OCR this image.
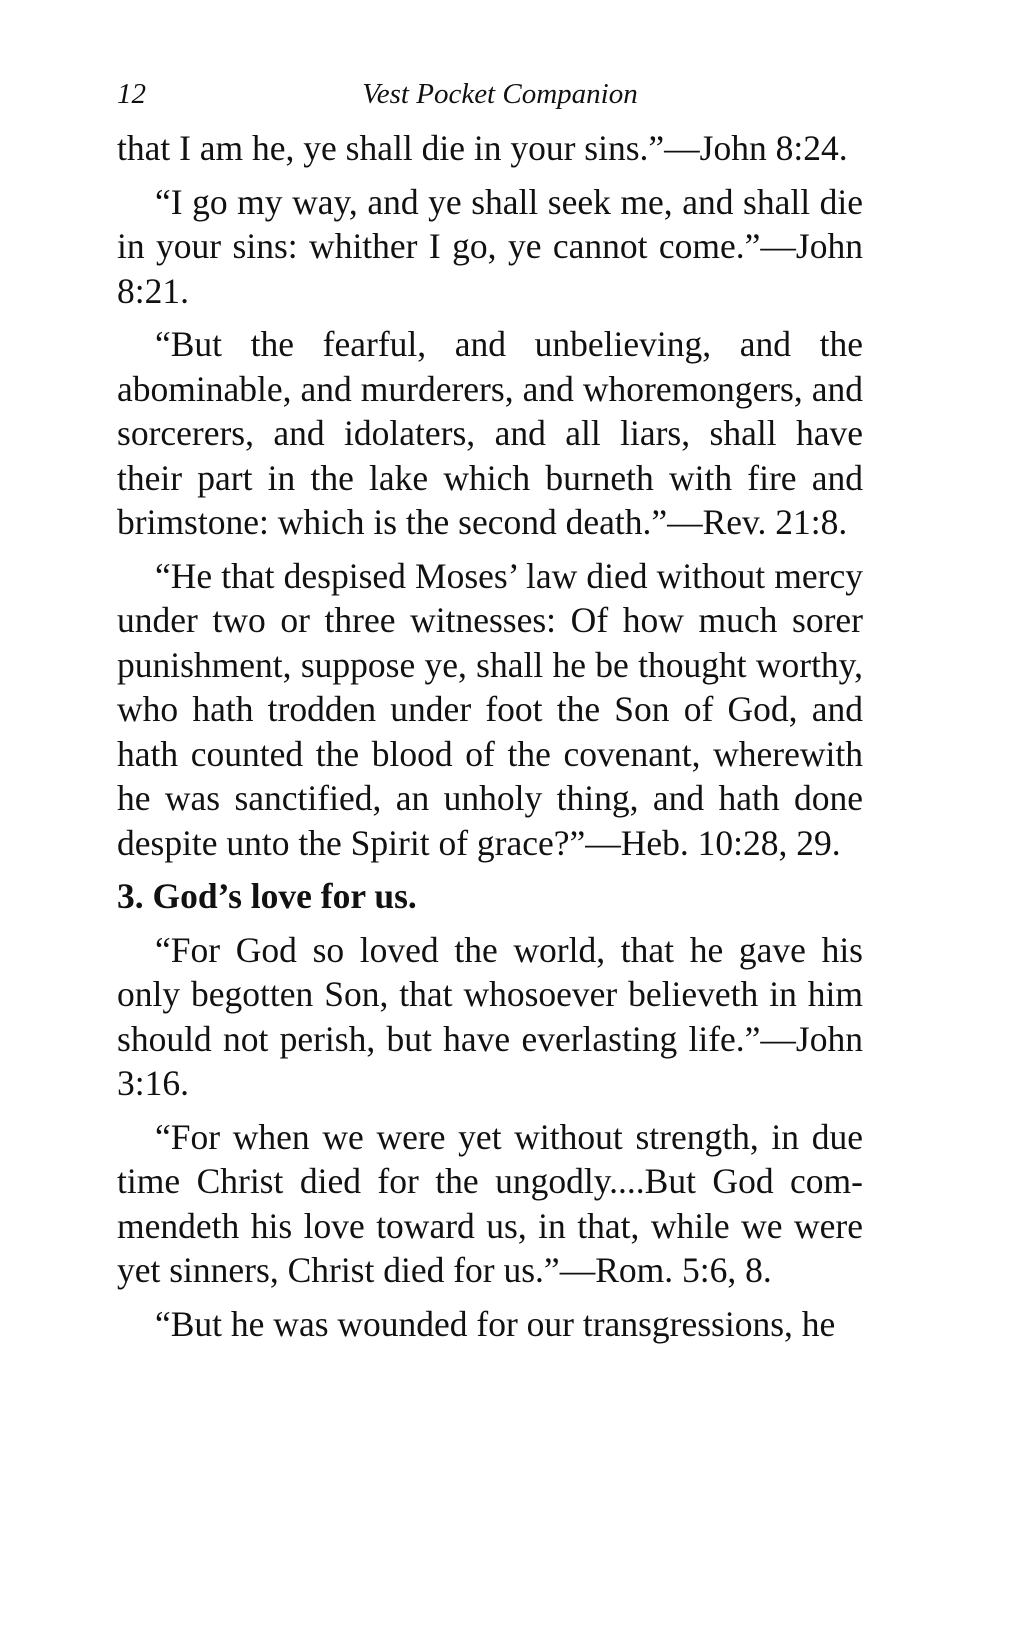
12	Vest Pocket Companion

that I am he, ye shall die in your sins.”—John 8:24.

“I go my way, and ye shall seek me, and shall die in your sins: whither I go, ye cannot come.”—John 8:21.

“But the fearful, and unbelieving, and the abominable, and murderers, and whoremongers, and sorcerers, and idolaters, and all liars, shall have their part in the lake which burneth with fire and brimstone: which is the second death.”—Rev. 21:8.

“He that despised Moses’ law died without mercy under two or three witnesses: Of how much sorer punishment, suppose ye, shall he be thought worthy, who hath trodden under foot the Son of God, and hath counted the blood of the covenant, wherewith he was sanctified, an unholy thing, and hath done despite unto the Spirit of grace?”—Heb. 10:28, 29.

3. God’s love for us.

“For God so loved the world, that he gave his only begotten Son, that whosoever believeth in him should not perish, but have everlasting life.”—John 3:16.

“For when we were yet without strength, in due time Christ died for the ungodly....But God commendeth his love toward us, in that, while we were yet sinners, Christ died for us.”—Rom. 5:6, 8.

“But he was wounded for our transgressions, he
